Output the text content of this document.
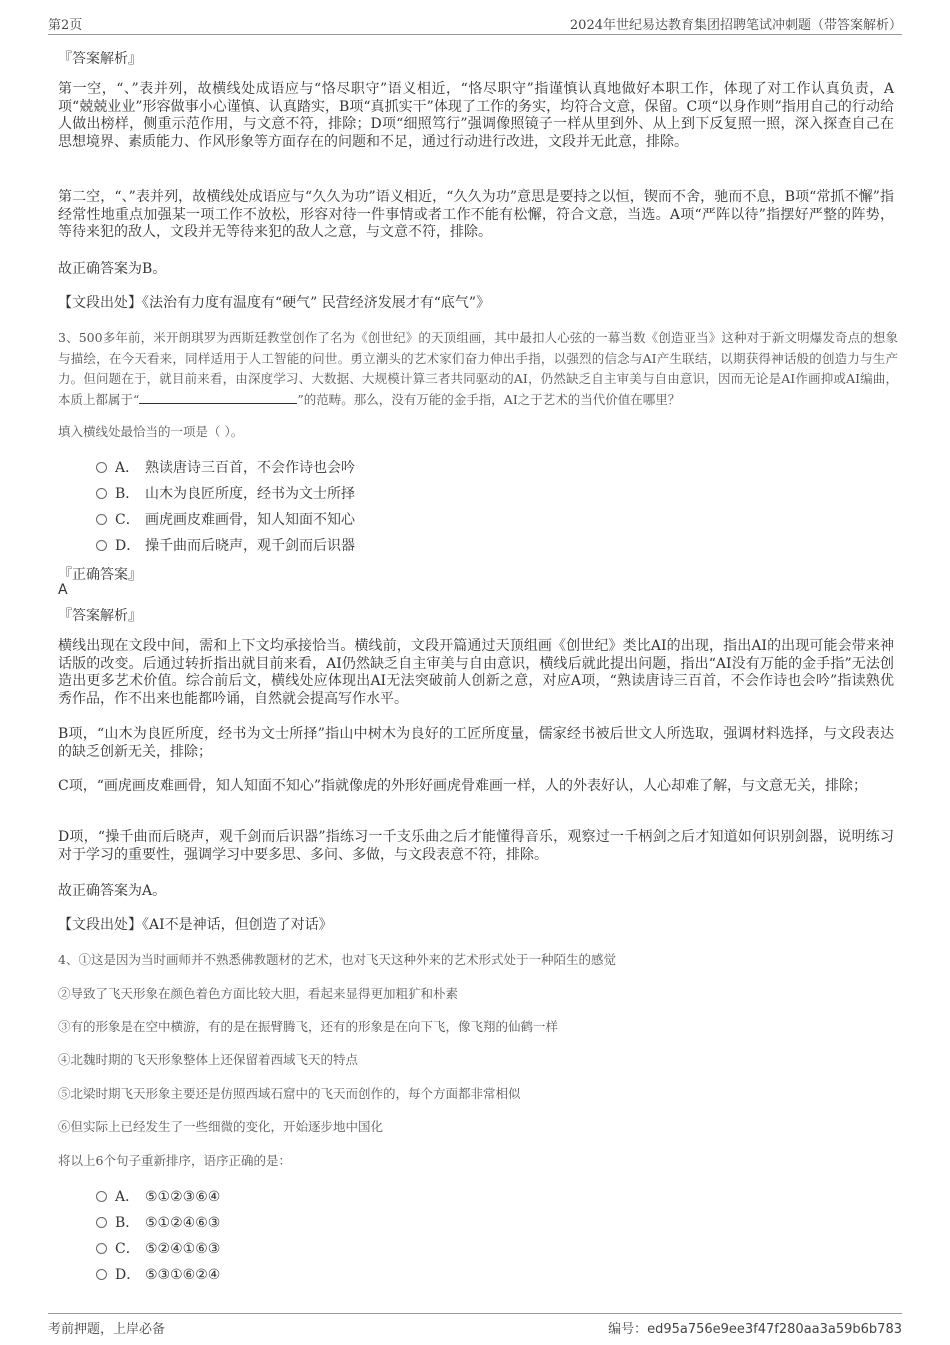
第2页	2024年世纪易达教育集团招聘笔试冲刺题（带答案解析）
『答案解析』

第一空，“、”表并列，故横线处成语应与“恪尽职守”语义相近，“恪尽职守”指谨慎认真地做好本职工作，体现了对工作认真负责，A项“兢兢业业”形容做事小心谨慎、认真踏实，B项“真抓实干”体现了工作的务实，均符合文意，保留。C项“以身作则”指用自己的行动给人做出榜样，侧重示范作用，与文意不符，排除；D项“细照笃行”强调像照镜子一样从里到外、从上到下反复照一照，深入探查自己在思想境界、素质能力、作风形象等方面存在的问题和不足，通过行动进行改进，文段并无此意，排除。

第二空，“、”表并列，故横线处成语应与“久久为功”语义相近，“久久为功”意思是要持之以恒，锲而不舍，驰而不息，B项“常抓不懈”指经常性地重点加强某一项工作不放松，形容对待一件事情或者工作不能有松懈，符合文意，当选。A项“严阵以待”指摆好严整的阵势，等待来犯的敌人，文段并无等待来犯的敌人之意，与文意不符，排除。

故正确答案为B。
【文段出处】《法治有力度有温度有“硬气” 民营经济发展才有“底气”》

3、500多年前，米开朗琪罗为西斯廷教堂创作了名为《创世纪》的天顶组画，其中最扣人心弦的一幕当数《创造亚当》这种对于新文明爆发奇点的想象与描绘，在今天看来，同样适用于人工智能的问世。勇立潮头的艺术家们奋力伸出手指，以强烈的信念与AI产生联结，以期获得神话般的创造力与生产力。但问题在于，就目前来看，由深度学习、大数据、大规模计算三者共同驱动的AI，仍然缺乏自主审美与自由意识，因而无论是AI作画抑或AI编曲，本质上都属于“	”的范畴。那么，没有万能的金手指，AI之于艺术的当代价值在哪里？

填入横线处最恰当的一项是（ ）。
A． 熟读唐诗三百首，不会作诗也会吟
B． 山木为良匠所度，经书为文士所择
C． 画虎画皮难画骨，知人知面不知心
D． 操千曲而后晓声，观千剑而后识器
『正确答案』
A
『答案解析』

横线出现在文段中间，需和上下文均承接恰当。横线前，文段开篇通过天顶组画《创世纪》类比AI的出现，指出AI的出现可能会带来神话版的改变。后通过转折指出就目前来看，AI仍然缺乏自主审美与自由意识，横线后就此提出问题，指出“AI没有万能的金手指”无法创造出更多艺术价值。综合前后文，横线处应体现出AI无法突破前人创新之意，对应A项，“熟读唐诗三百首，不会作诗也会吟”指读熟优秀作品，作不出来也能都吟诵，自然就会提高写作水平。

B项，“山木为良匠所度，经书为文士所择”指山中树木为良好的工匠所度量，儒家经书被后世文人所选取，强调材料选择，与文段表达的缺乏创新无关，排除；

C项，“画虎画皮难画骨，知人知面不知心”指就像虎的外形好画虎骨难画一样，人的外表好认，人心却难了解，与文意无关，排除；

D项，“操千曲而后晓声，观千剑而后识器”指练习一千支乐曲之后才能懂得音乐，观察过一千柄剑之后才知道如何识别剑器，说明练习对于学习的重要性，强调学习中要多思、多问、多做，与文段表意不符，排除。

故正确答案为A。
【文段出处】《AI不是神话，但创造了对话》
4、①这是因为当时画师并不熟悉佛教题材的艺术，也对飞天这种外来的艺术形式处于一种陌生的感觉
②导致了飞天形象在颜色着色方面比较大胆，看起来显得更加粗犷和朴素
③有的形象是在空中横游，有的是在振臂腾飞，还有的形象是在向下飞，像飞翔的仙鹤一样
④北魏时期的飞天形象整体上还保留着西域飞天的特点
⑤北梁时期飞天形象主要还是仿照西域石窟中的飞天而创作的，每个方面都非常相似
⑥但实际上已经发生了一些细微的变化，开始逐步地中国化
将以上6个句子重新排序，语序正确的是：
A． ⑤①②③⑥④
B． ⑤①②④⑥③
C． ⑤②④①⑥③
D． ⑤③①⑥②④
考前押题，上岸必备	编号：ed95a756e9ee3f47f280aa3a59b6b783
